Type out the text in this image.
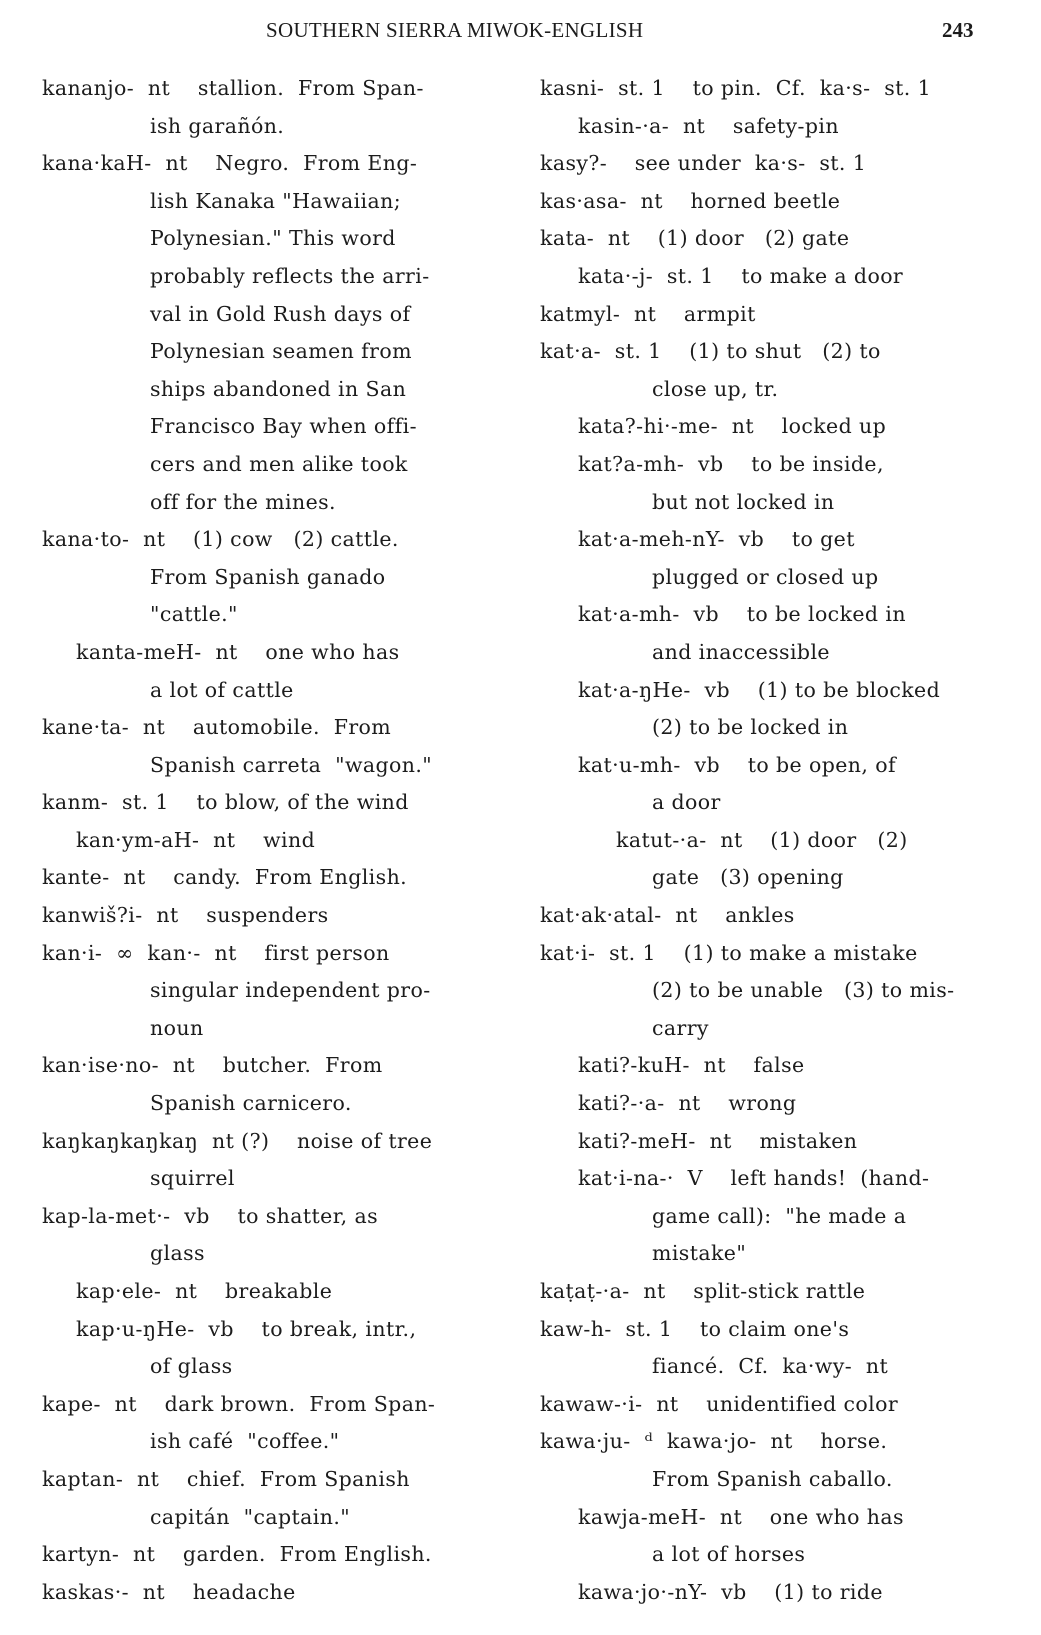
SOUTHERN SIERRA MIWOK-ENGLISH	243
kananjo-  nt    stallion.  From Span-
ish garañón.
kana·kaH-  nt    Negro.  From Eng-
lish Kanaka "Hawaiian;
Polynesian." This word
probably reflects the arri-
val in Gold Rush days of
Polynesian seamen from
ships abandoned in San
Francisco Bay when offi-
cers and men alike took
off for the mines.
kana·to-  nt    (1) cow   (2) cattle.
From Spanish ganado
"cattle."
kanta-meH-  nt    one who has
a lot of cattle
kane·ta-  nt    automobile.  From
Spanish carreta  "wagon."
kanm-  st. 1    to blow, of the wind
kan·ym-aH-  nt    wind
kante-  nt    candy.  From English.
kanwiš?i-  nt    suspenders
kan·i-  ∞  kan·-  nt    first person
singular independent pro-
noun
kan·ise·no-  nt    butcher.  From
Spanish carnicero.
kaŋkaŋkaŋkaŋ  nt (?)    noise of tree
squirrel
kap-la-met·-  vb    to shatter, as
glass
kap·ele-  nt    breakable
kap·u-ŋHe-  vb    to break, intr.,
of glass
kape-  nt    dark brown.  From Span-
ish café  "coffee."
kaptan-  nt    chief.  From Spanish
capitán  "captain."
kartyn-  nt    garden.  From English.
kaskas·-  nt    headache
kasni-  st. 1    to pin.  Cf.  ka·s-  st. 1
kasin-·a-  nt    safety-pin
kasy?-    see under  ka·s-  st. 1
kas·asa-  nt    horned beetle
kata-  nt    (1) door   (2) gate
kata·-j-  st. 1    to make a door
katmyl-  nt    armpit
kat·a-  st. 1    (1) to shut   (2) to
close up, tr.
kata?-hi·-me-  nt    locked up
kat?a-mh-  vb    to be inside,
but not locked in
kat·a-meh-nY-  vb    to get
plugged or closed up
kat·a-mh-  vb    to be locked in
and inaccessible
kat·a-ŋHe-  vb    (1) to be blocked
(2) to be locked in
kat·u-mh-  vb    to be open, of
a door
katut-·a-  nt    (1) door   (2)
gate   (3) opening
kat·ak·atal-  nt    ankles
kat·i-  st. 1    (1) to make a mistake
(2) to be unable   (3) to mis-
carry
kati?-kuH-  nt    false
kati?-·a-  nt    wrong
kati?-meH-  nt    mistaken
kat·i-na-·  V    left hands!  (hand-
game call):  "he made a
mistake"
kaṭaṭ-·a-  nt    split-stick rattle
kaw-h-  st. 1    to claim one's
fiancé.  Cf.  ka·wy-  nt
kawaw-·i-  nt    unidentified color
kawa·ju-  ᵈ  kawa·jo-  nt    horse.
From Spanish caballo.
kawja-meH-  nt    one who has
a lot of horses
kawa·jo·-nY-  vb    (1) to ride
